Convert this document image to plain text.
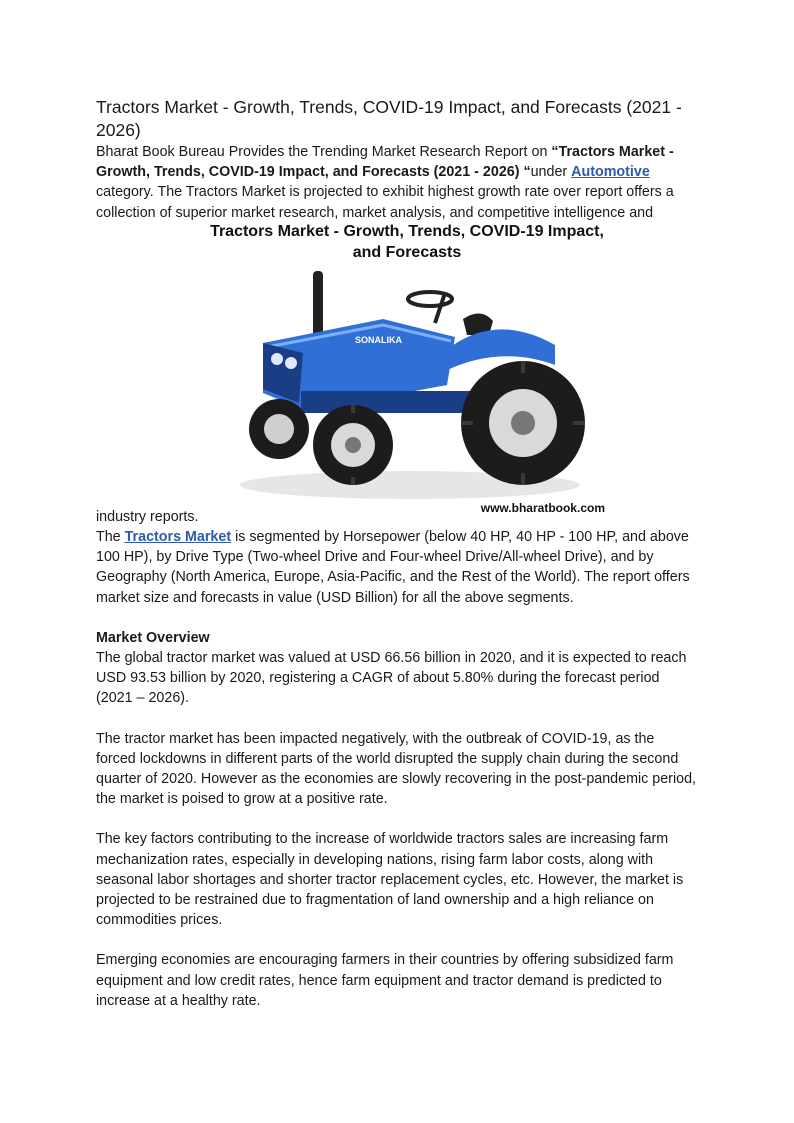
Tractors Market - Growth, Trends, COVID-19 Impact, and Forecasts (2021 - 2026)

Bharat Book Bureau Provides the Trending Market Research Report on “Tractors Market - Growth, Trends, COVID-19 Impact, and Forecasts (2021 - 2026) “under Automotive category. The Tractors Market is projected to exhibit highest growth rate over report offers a collection of superior market research, market analysis, and competitive intelligence and

SONALIKA
Tractors Market - Growth, Trends, COVID-19 Impact,
and Forecasts
www.bharatbook.com

industry reports.

The Tractors Market is segmented by Horsepower (below 40 HP, 40 HP - 100 HP, and above 100 HP), by Drive Type (Two-wheel Drive and Four-wheel Drive/All-wheel Drive), and by Geography (North America, Europe, Asia-Pacific, and the Rest of the World). The report offers market size and forecasts in value (USD Billion) for all the above segments.

Market Overview

The global tractor market was valued at USD 66.56 billion in 2020, and it is expected to reach USD 93.53 billion by 2020, registering a CAGR of about 5.80% during the forecast period (2021 – 2026).

The tractor market has been impacted negatively, with the outbreak of COVID-19, as the forced lockdowns in different parts of the world disrupted the supply chain during the second quarter of 2020. However as the economies are slowly recovering in the post-pandemic period, the market is poised to grow at a positive rate.

The key factors contributing to the increase of worldwide tractors sales are increasing farm mechanization rates, especially in developing nations, rising farm labor costs, along with seasonal labor shortages and shorter tractor replacement cycles, etc. However, the market is projected to be restrained due to fragmentation of land ownership and a high reliance on commodities prices.

Emerging economies are encouraging farmers in their countries by offering subsidized farm equipment and low credit rates, hence farm equipment and tractor demand is predicted to increase at a healthy rate.
